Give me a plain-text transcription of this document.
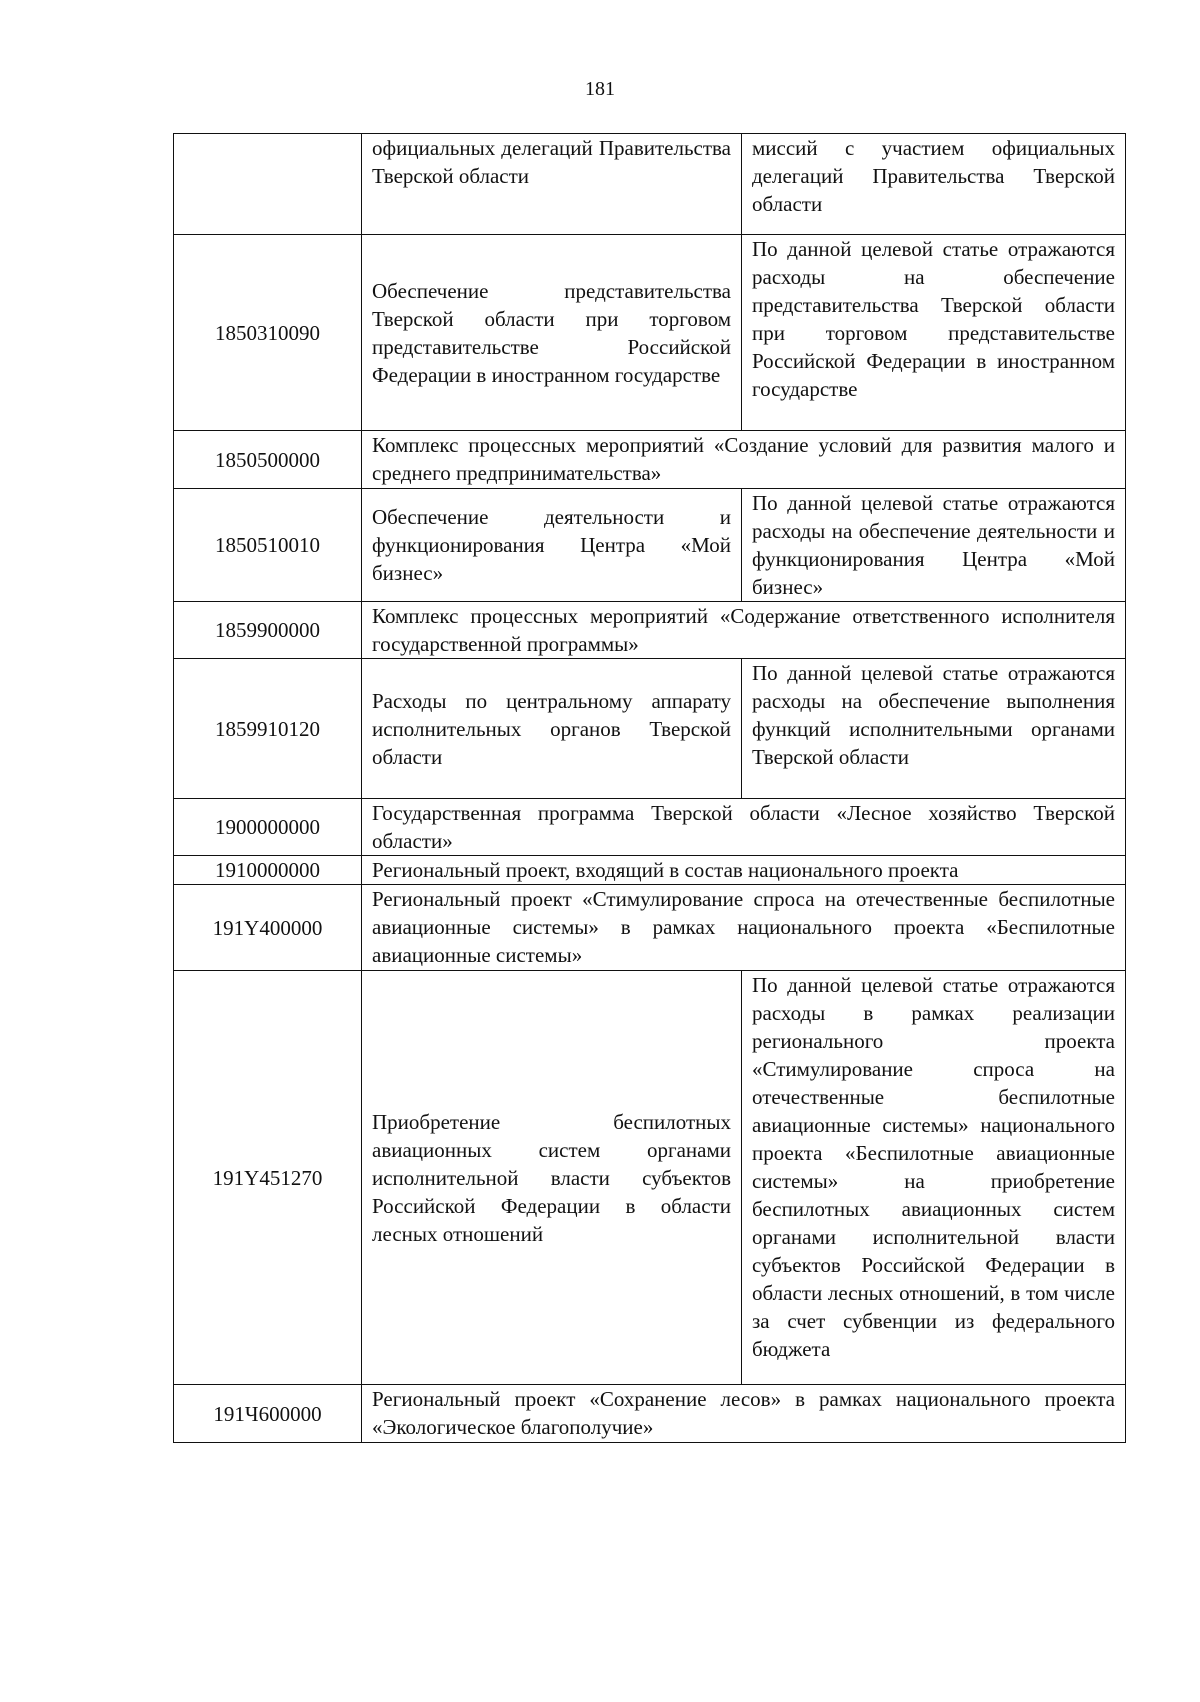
181
	официальных делегаций Правительства Тверской области	миссий с участием официальных делегаций Правительства Тверской области
1850310090	Обеспечение представительства Тверской области при торговом представительстве Российской Федерации в иностранном государстве	По данной целевой статье отражаются расходы на обеспечение представительства Тверской области при торговом представительстве Российской Федерации в иностранном государстве
1850500000	Комплекс процессных мероприятий «Создание условий для развития малого и среднего предпринимательства»	
1850510010	Обеспечение деятельности и функционирования Центра «Мой бизнес»	По данной целевой статье отражаются расходы на обеспечение деятельности и функционирования Центра «Мой бизнес»
1859900000	Комплекс процессных мероприятий «Содержание ответственного исполнителя государственной программы»	
1859910120	Расходы по центральному аппарату исполнительных органов Тверской области	По данной целевой статье отражаются расходы на обеспечение выполнения функций исполнительными органами Тверской области
1900000000	Государственная программа Тверской области «Лесное хозяйство Тверской области»	
1910000000	Региональный проект, входящий в состав национального проекта	
191Y400000	Региональный проект «Стимулирование спроса на отечественные беспилотные авиационные системы» в рамках национального проекта «Беспилотные авиационные системы»	
191Y451270	Приобретение беспилотных авиационных систем органами исполнительной власти субъектов Российской Федерации в области лесных отношений	По данной целевой статье отражаются расходы в рамках реализации регионального проекта «Стимулирование спроса на отечественные беспилотные авиационные системы» национального проекта «Беспилотные авиационные системы» на приобретение беспилотных авиационных систем органами исполнительной власти субъектов Российской Федерации в области лесных отношений, в том числе за счет субвенции из федерального бюджета
191Ч600000	Региональный проект «Сохранение лесов» в рамках национального проекта «Экологическое благополучие»	
